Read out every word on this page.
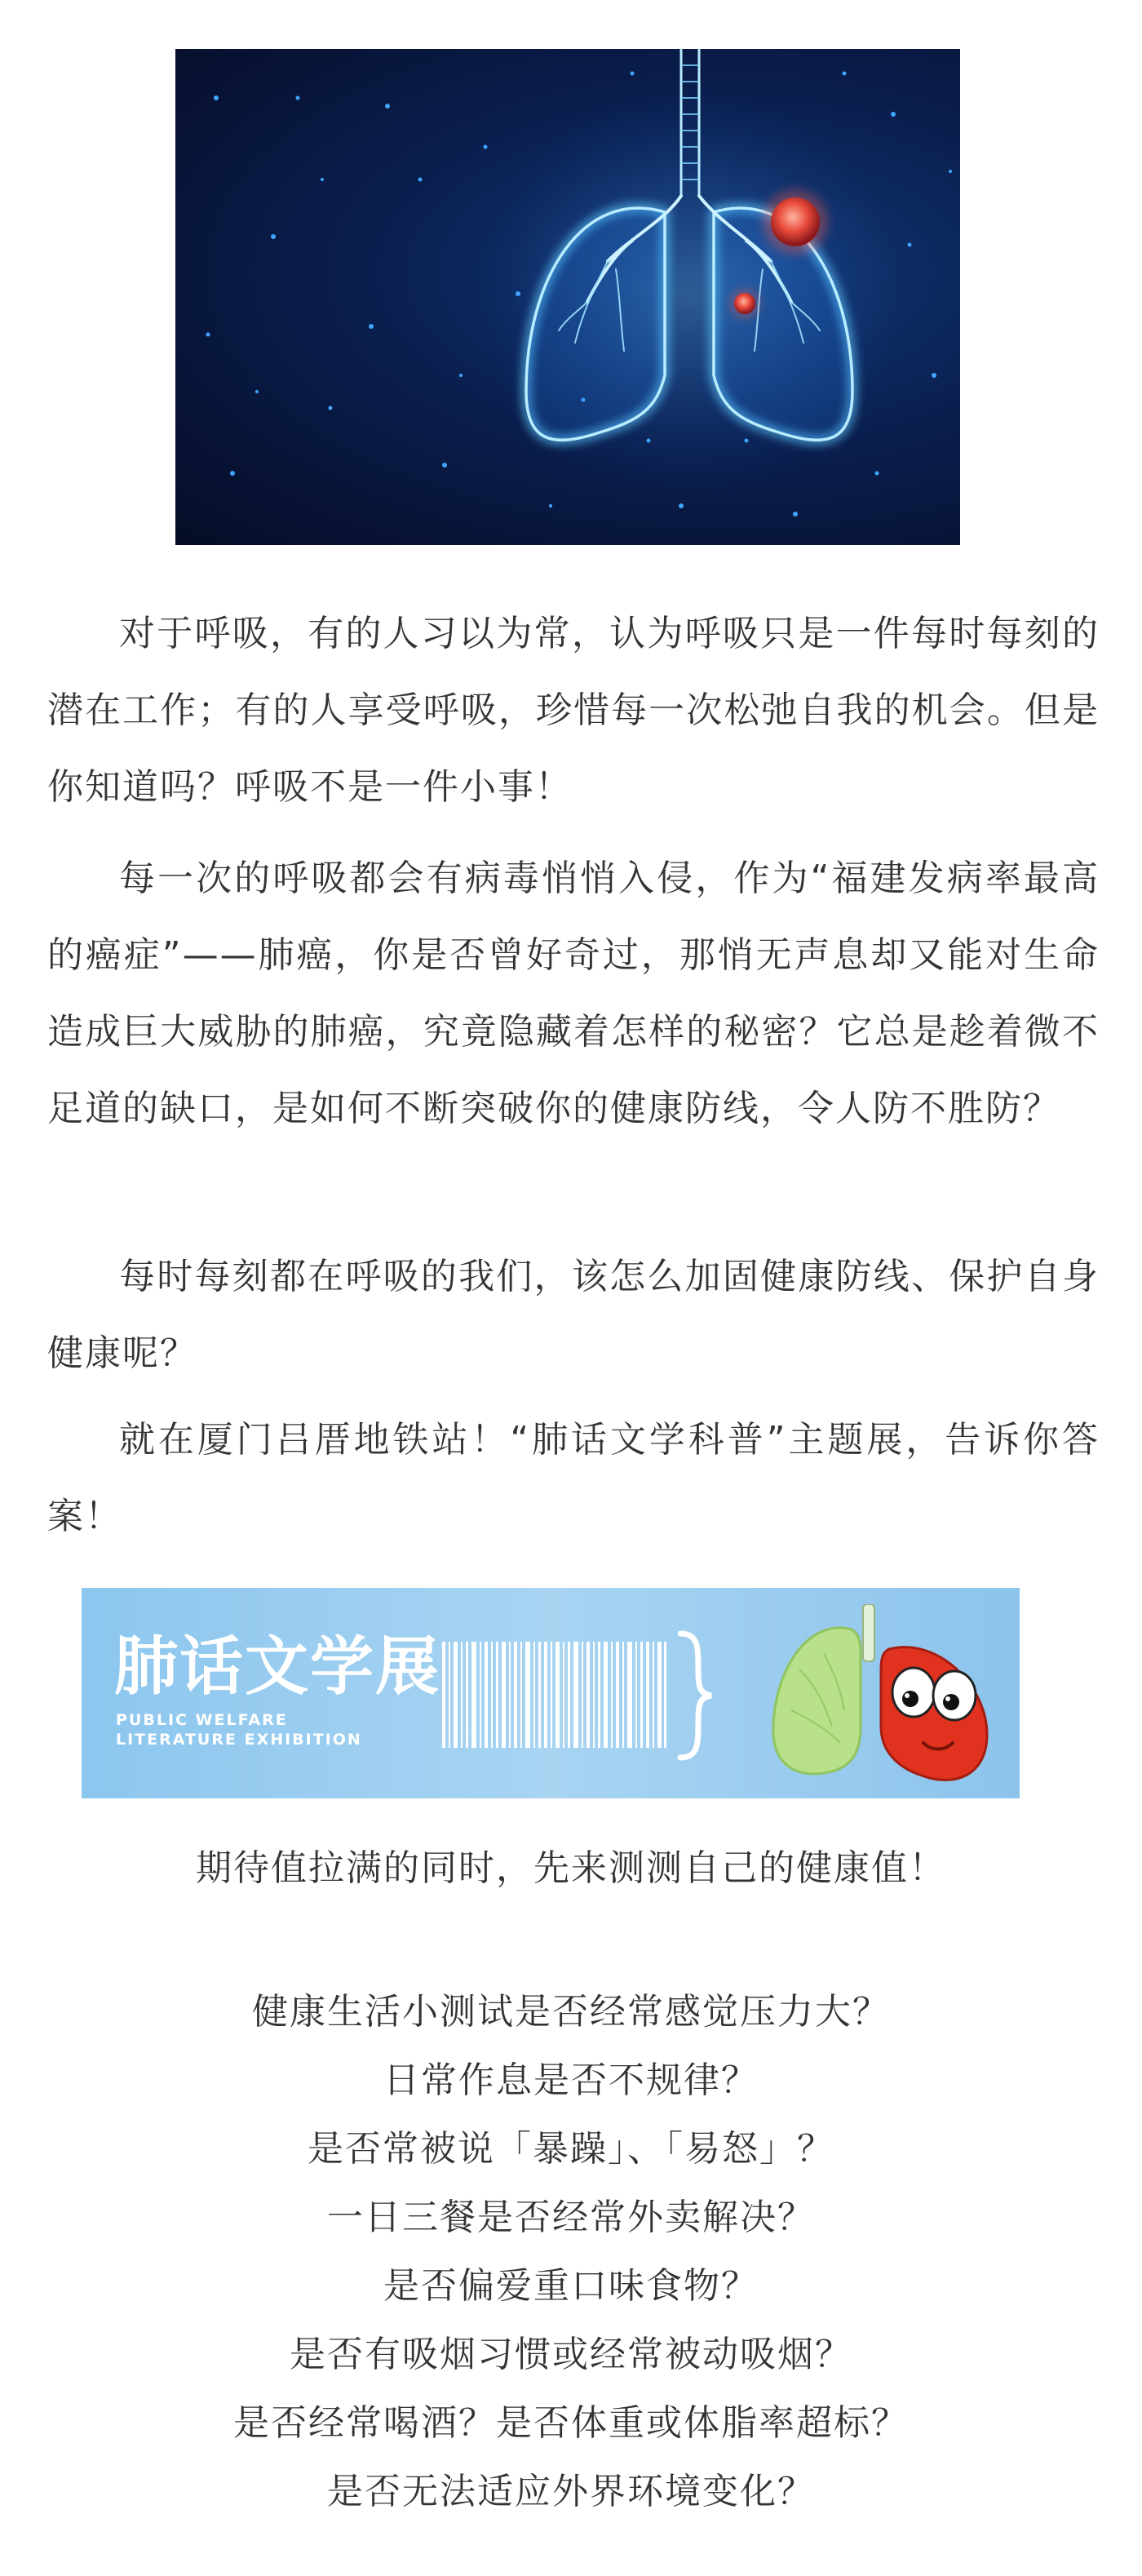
对于呼吸，有的人习以为常，认为呼吸只是一件每时每刻的潜在工作；有的人享受呼吸，珍惜每一次松弛自我的机会。但是你知道吗？呼吸不是一件小事！

每一次的呼吸都会有病毒悄悄入侵，作为“福建发病率最高的癌症”——肺癌，你是否曾好奇过，那悄无声息却又能对生命造成巨大威胁的肺癌，究竟隐藏着怎样的秘密？它总是趁着微不足道的缺口，是如何不断突破你的健康防线，令人防不胜防？

每时每刻都在呼吸的我们，该怎么加固健康防线、保护自身健康呢？

就在厦门吕厝地铁站！“肺话文学科普”主题展，告诉你答案！

肺话文学展
PUBLIC WELFARE
LITERATURE EXHIBITION

期待值拉满的同时，先来测测自己的健康值！

健康生活小测试是否经常感觉压力大？
日常作息是否不规律？
是否常被说「暴躁」、「易怒」？
一日三餐是否经常外卖解决？
是否偏爱重口味食物？
是否有吸烟习惯或经常被动吸烟？
是否经常喝酒？是否体重或体脂率超标？
是否无法适应外界环境变化？
